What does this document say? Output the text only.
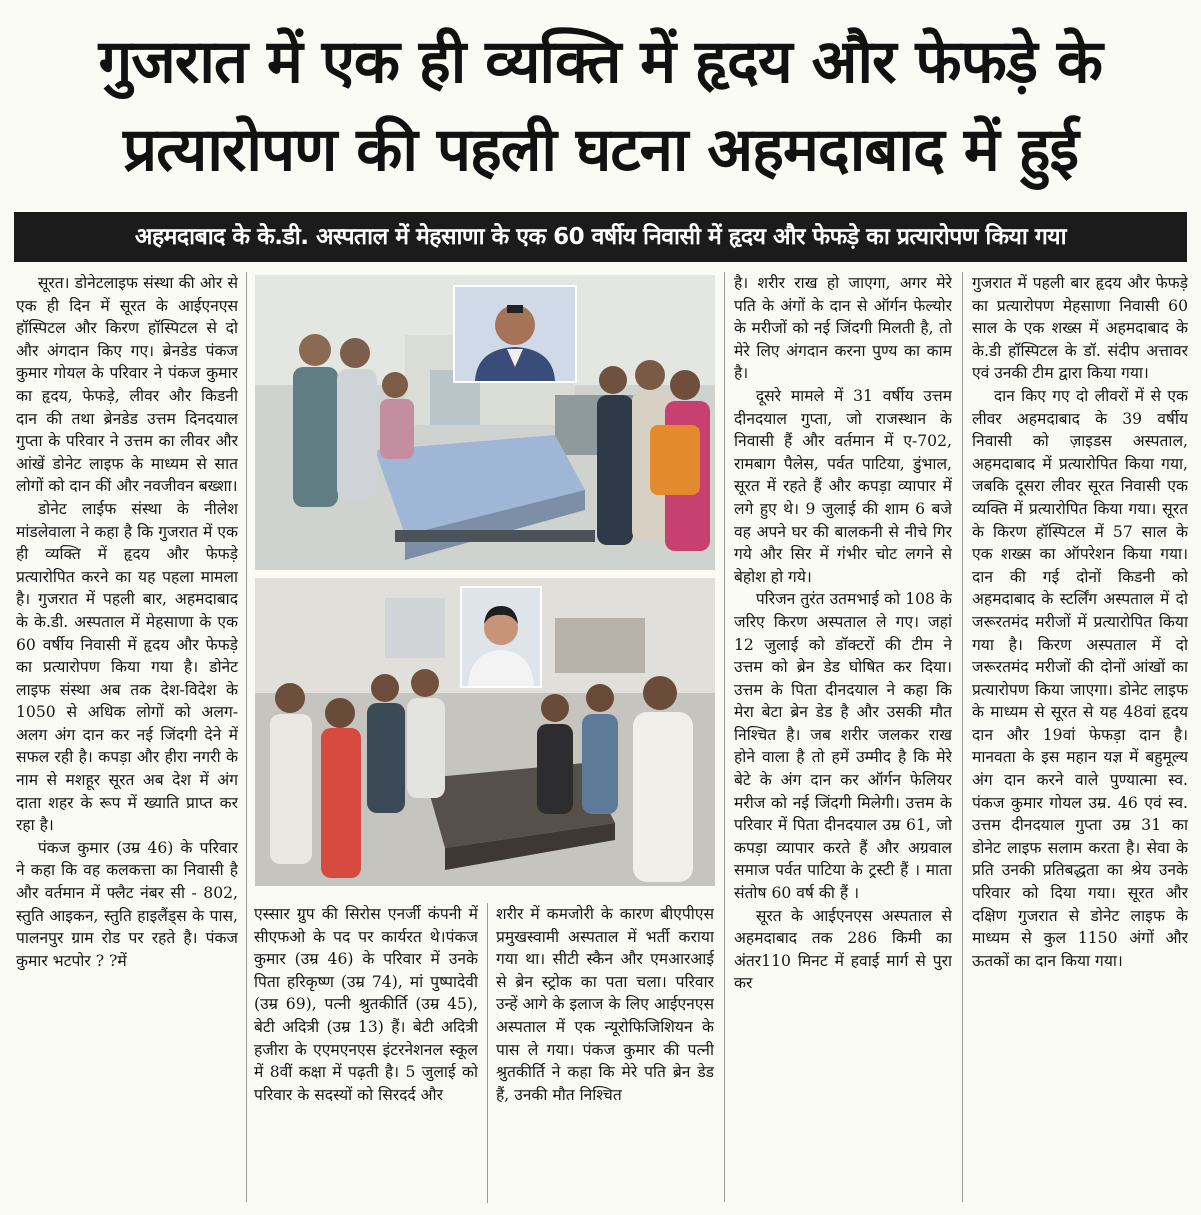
गुजरात में एक ही व्यक्ति में हृदय और फेफड़े के
प्रत्यारोपण की पहली घटना अहमदाबाद में हुई
अहमदाबाद के के.डी. अस्पताल में मेहसाणा के एक 60 वर्षीय निवासी में हृदय और फेफड़े का प्रत्यारोपण किया गया

सूरत। डोनेटलाइफ संस्था की ओर से एक ही दिन में सूरत के आईएनएस हॉस्पिटल और किरण हॉस्पिटल से दो और अंगदान किए गए। ब्रेनडेड पंकज कुमार गोयल के परिवार ने पंकज कुमार का हृदय, फेफड़े, लीवर और किडनी दान की तथा ब्रेनडेड उत्तम दिनदयाल गुप्ता के परिवार ने उत्तम का लीवर और आंखें डोनेट लाइफ के माध्यम से सात लोगों को दान कीं और नवजीवन बख्शा।

डोनेट लाईफ संस्था के नीलेश मांडलेवाला ने कहा है कि गुजरात में एक ही व्यक्ति में हृदय और फेफड़े प्रत्यारोपित करने का यह पहला मामला है। गुजरात में पहली बार, अहमदाबाद के के.डी. अस्पताल में मेहसाणा के एक 60 वर्षीय निवासी में हृदय और फेफड़े का प्रत्यारोपण किया गया है। डोनेट लाइफ संस्था अब तक देश-विदेश के 1050 से अधिक लोगों को अलग-अलग अंग दान कर नई जिंदगी देने में सफल रही है। कपड़ा और हीरा नगरी के नाम से मशहूर सूरत अब देश में अंग दाता शहर के रूप में ख्याति प्राप्त कर रहा है।

पंकज कुमार (उम्र 46) के परिवार ने कहा कि वह कलकत्ता का निवासी है और वर्तमान में फ्लैट नंबर सी - 802, स्तुति आइकन, स्तुति हाइलैंड्स के पास, पालनपुर ग्राम रोड पर रहते है। पंकज कुमार भटपोर ? ?में

एस्सार ग्रुप की सिरोस एनर्जी कंपनी में सीएफओ के पद पर कार्यरत थे।पंकज कुमार (उम्र 46) के परिवार में उनके पिता हरिकृष्ण (उम्र 74), मां पुष्पादेवी (उम्र 69), पत्नी श्रुतकीर्ति (उम्र 45), बेटी अदित्री (उम्र 13) हैं। बेटी अदित्री हजीरा के एएमएनएस इंटरनेशनल स्कूल में 8वीं कक्षा में पढ़ती है। 5 जुलाई को परिवार के सदस्यों को सिरदर्द और

शरीर में कमजोरी के कारण बीएपीएस प्रमुखस्वामी अस्पताल में भर्ती कराया गया था। सीटी स्कैन और एमआरआई से ब्रेन स्ट्रोक का पता चला। परिवार उन्हें आगे के इलाज के लिए आईएनएस अस्पताल में एक न्यूरोफिजिशियन के पास ले गया। पंकज कुमार की पत्नी श्रुतकीर्ति ने कहा कि मेरे पति ब्रेन डेड हैं, उनकी मौत निश्चित

है। शरीर राख हो जाएगा, अगर मेरे पति के अंगों के दान से ऑर्गन फेल्योर के मरीजों को नई जिंदगी मिलती है, तो मेरे लिए अंगदान करना पुण्य का काम है।

दूसरे मामले में 31 वर्षीय उत्तम दीनदयाल गुप्ता, जो राजस्थान के निवासी हैं और वर्तमान में ए-702, रामबाग पैलेस, पर्वत पाटिया, डुंभाल, सूरत में रहते हैं और कपड़ा व्यापार में लगे हुए थे। 9 जुलाई की शाम 6 बजे वह अपने घर की बालकनी से नीचे गिर गये और सिर में गंभीर चोट लगने से बेहोश हो गये।

परिजन तुरंत उतमभाई को 108 के जरिए किरण अस्पताल ले गए। जहां 12 जुलाई को डॉक्टरों की टीम ने उत्तम को ब्रेन डेड घोषित कर दिया। उत्तम के पिता दीनदयाल ने कहा कि मेरा बेटा ब्रेन डेड है और उसकी मौत निश्चित है। जब शरीर जलकर राख होने वाला है तो हमें उम्मीद है कि मेरे बेटे के अंग दान कर ऑर्गन फेलियर मरीज को नई जिंदगी मिलेगी। उत्तम के परिवार में पिता दीनदयाल उम्र 61, जो कपड़ा व्यापार करते हैं और अग्रवाल समाज पर्वत पाटिया के ट्रस्टी हैं । माता संतोष 60 वर्ष की हैं ।

सूरत के आईएनएस अस्पताल से अहमदाबाद तक 286 किमी का अंतर110 मिनट में हवाई मार्ग से पुरा कर

गुजरात में पहली बार हृदय और फेफड़े का प्रत्यारोपण मेहसाणा निवासी 60 साल के एक शख्स में अहमदाबाद के के.डी हॉस्पिटल के डॉ. संदीप अत्तावर एवं उनकी टीम द्वारा किया गया।

दान किए गए दो लीवरों में से एक लीवर अहमदाबाद के 39 वर्षीय निवासी को ज़ाइडस अस्पताल, अहमदाबाद में प्रत्यारोपित किया गया, जबकि दूसरा लीवर सूरत निवासी एक व्यक्ति में प्रत्यारोपित किया गया। सूरत के किरण हॉस्पिटल में 57 साल के एक शख्स का ऑपरेशन किया गया। दान की गई दोनों किडनी को अहमदाबाद के स्टर्लिंग अस्पताल में दो जरूरतमंद मरीजों में प्रत्यारोपित किया गया है। किरण अस्पताल में दो जरूरतमंद मरीजों की दोनों आंखों का प्रत्यारोपण किया जाएगा। डोनेट लाइफ के माध्यम से सूरत से यह 48वां हृदय दान और 19वां फेफड़ा दान है। मानवता के इस महान यज्ञ में बहुमूल्य अंग दान करने वाले पुण्यात्मा स्व. पंकज कुमार गोयल उम्र. 46 एवं स्व. उत्तम दीनदयाल गुप्ता उम्र 31 का डोनेट लाइफ सलाम करता है। सेवा के प्रति उनकी प्रतिबद्धता का श्रेय उनके परिवार को दिया गया। सूरत और दक्षिण गुजरात से डोनेट लाइफ के माध्यम से कुल 1150 अंगों और ऊतकों का दान किया गया।
